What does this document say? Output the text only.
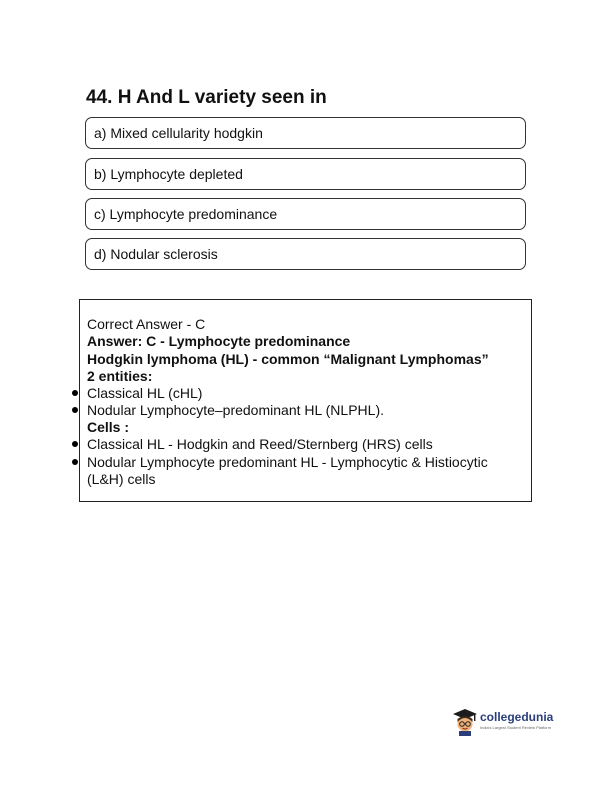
44. H And L variety seen in
a) Mixed cellularity hodgkin
b) Lymphocyte depleted
c) Lymphocyte predominance
d) Nodular sclerosis
Correct Answer - C
Answer: C - Lymphocyte predominance
Hodgkin lymphoma (HL) - common “Malignant Lymphomas”
2 entities:
Classical HL (cHL)
Nodular Lymphocyte–predominant HL (NLPHL).
Cells :
Classical HL - Hodgkin and Reed/Sternberg (HRS) cells
Nodular Lymphocyte predominant HL - Lymphocytic & Histiocytic
(L&H) cells
collegedunia
India's Largest Student Review Platform
